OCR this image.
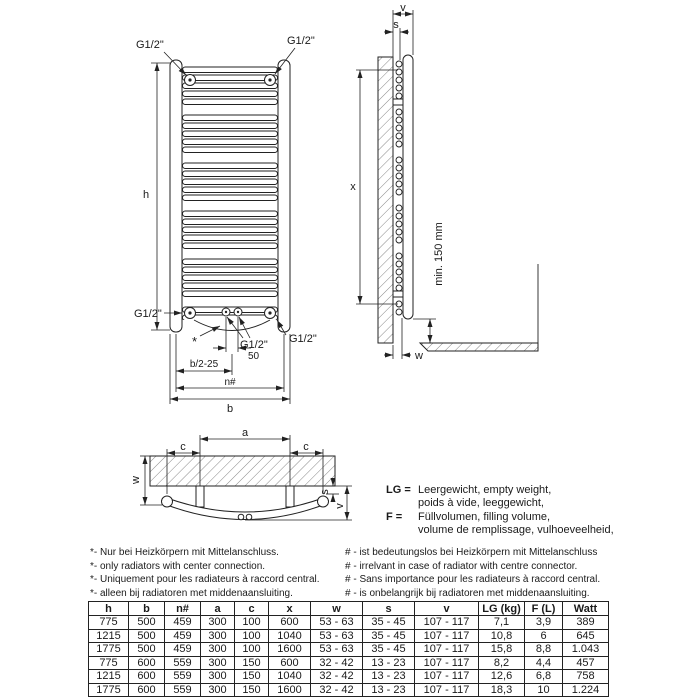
G1/2"	G1/2"
h
G1/2"
*	G1/2" G1/2"
50
b/2-25
n#
b
v
s
x
min. 150 mm
w
a
c	c
w
s
v
LG = Leergewicht, empty weight,
poids à vide, leeggewicht,
F =	Füllvolumen, filling volume,
volume de remplissage, vulhoeveelheid,
*- Nur bei Heizkörpern mit Mittelanschluss.
*- only radiators with center connection.
*- Uniquement pour les radiateurs à raccord central.
*- alleen bij radiatoren met middenaansluiting.
# - ist bedeutungslos bei Heizkörpern mit Mittelanschluss
# - irrelvant in case of radiator with centre connector.
# - Sans importance pour les radiateurs à raccord central.
# - is onbelangrijk bij radiatoren met middenaansluiting.
h	b	n#	a	c	x	w	s	v	LG (kg)	F (L)	Watt
775	500	459	300	100	600	53 - 63	35 - 45	107 - 117	7,1	3,9	389
1215	500	459	300	100	1040	53 - 63	35 - 45	107 - 117	10,8	6	645
1775	500	459	300	100	1600	53 - 63	35 - 45	107 - 117	15,8	8,8	1.043
775	600	559	300	150	600	32 - 42	13 - 23	107 - 117	8,2	4,4	457
1215	600	559	300	150	1040	32 - 42	13 - 23	107 - 117	12,6	6,8	758
1775	600	559	300	150	1600	32 - 42	13 - 23	107 - 117	18,3	10	1.224
